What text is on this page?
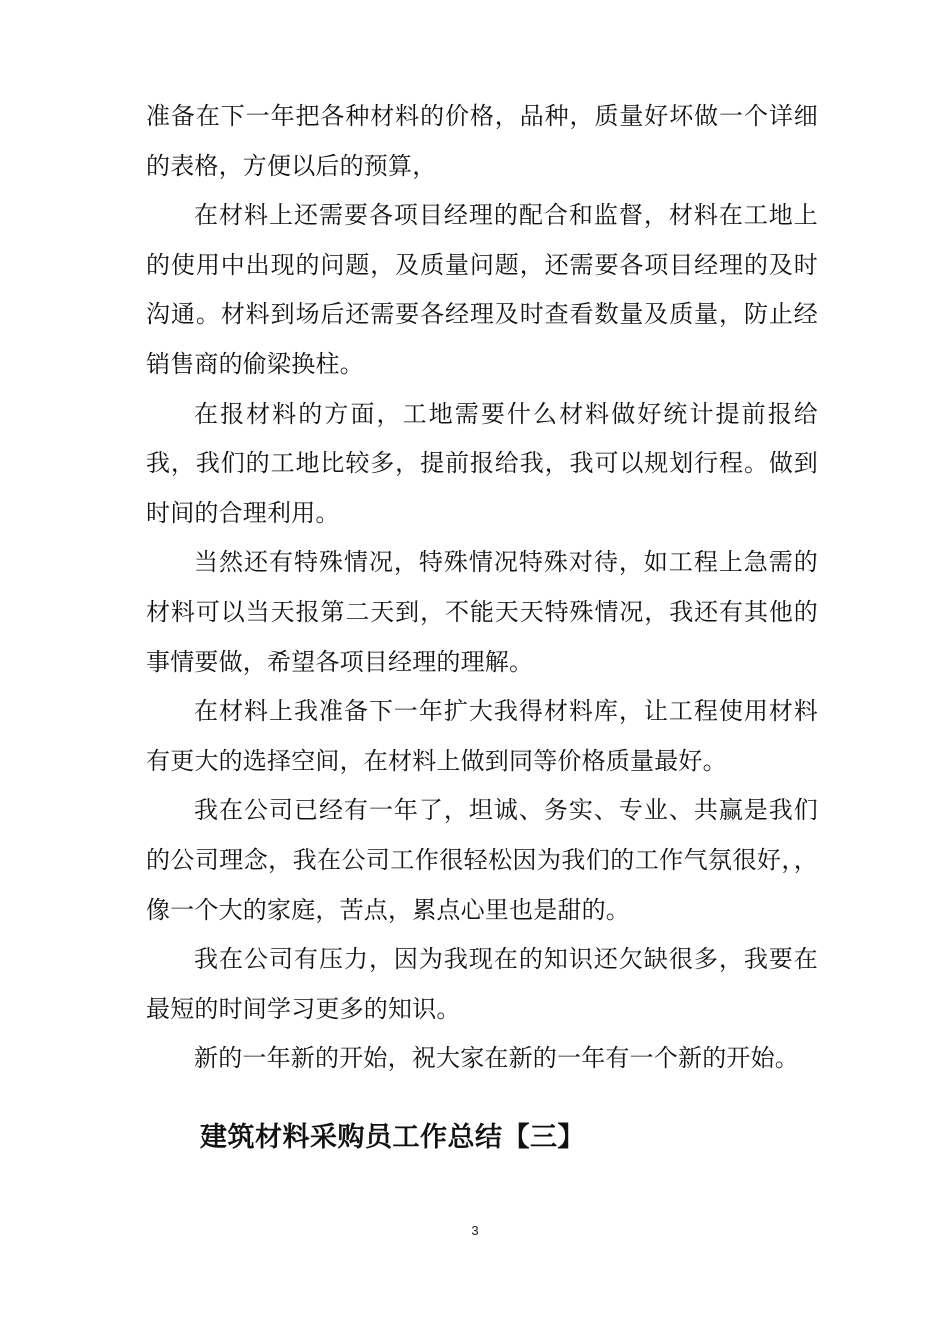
准备在下一年把各种材料的价格，品种，质量好坏做一个详细的表格，方便以后的预算，

在材料上还需要各项目经理的配合和监督，材料在工地上的使用中出现的问题，及质量问题，还需要各项目经理的及时沟通。材料到场后还需要各经理及时查看数量及质量，防止经销售商的偷梁换柱。

在报材料的方面，工地需要什么材料做好统计提前报给我，我们的工地比较多，提前报给我，我可以规划行程。做到时间的合理利用。

当然还有特殊情况，特殊情况特殊对待，如工程上急需的材料可以当天报第二天到，不能天天特殊情况，我还有其他的事情要做，希望各项目经理的理解。

在材料上我准备下一年扩大我得材料库，让工程使用材料有更大的选择空间，在材料上做到同等价格质量最好。

我在公司已经有一年了，坦诚、务实、专业、共赢是我们的公司理念，我在公司工作很轻松因为我们的工作气氛很好，，像一个大的家庭，苦点，累点心里也是甜的。

我在公司有压力，因为我现在的知识还欠缺很多，我要在最短的时间学习更多的知识。

新的一年新的开始，祝大家在新的一年有一个新的开始。

建筑材料采购员工作总结【三】
3
